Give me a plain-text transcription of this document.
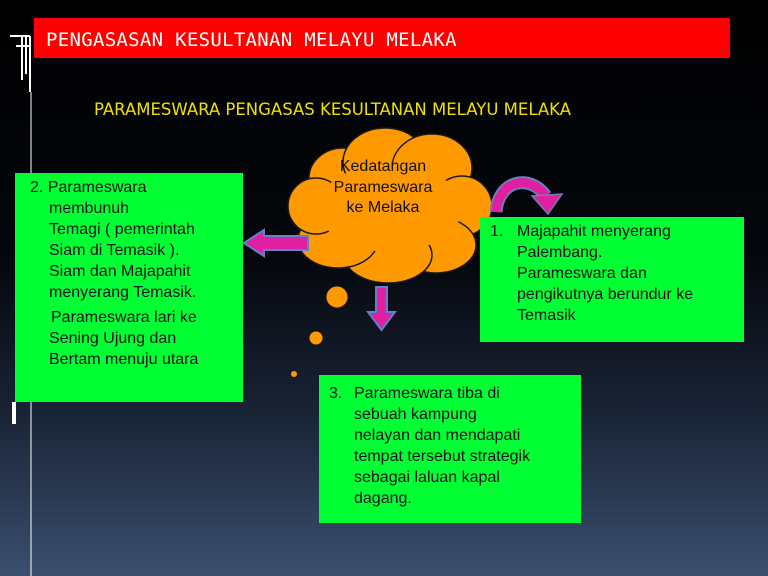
PENGASASAN KESULTANAN MELAYU MELAKA
PARAMESWARA PENGASAS KESULTANAN MELAYU MELAKA
Kedatangan
Parameswara
ke Melaka
2. Parameswara
membunuh
Temagi ( pemerintah
Siam di Temasik ).
Siam dan Majapahit
menyerang Temasik.
Parameswara lari ke
Sening Ujung dan
Bertam menuju utara
1. Majapahit menyerang
Palembang.
Parameswara dan
pengikutnya berundur ke
Temasik
3. Parameswara tiba di
sebuah kampung
nelayan dan mendapati
tempat tersebut strategik
sebagai laluan kapal
dagang.
